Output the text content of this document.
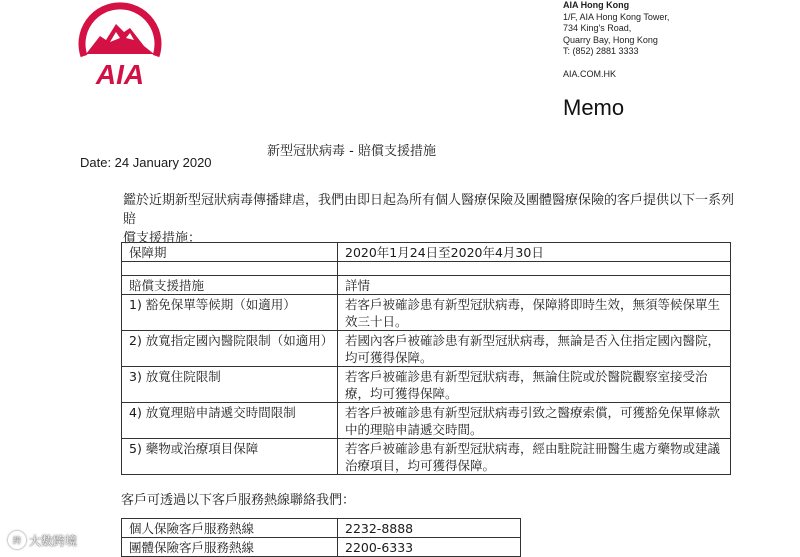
AIA
AIA Hong Kong
1/F, AIA Hong Kong Tower,
734 King's Road,
Quarry Bay, Hong Kong
T: (852) 2881 3333
AIA.COM.HK
Memo
新型冠狀病毒 - 賠償支援措施
Date: 24 January 2020
鑑於近期新型冠狀病毒傳播肆虐，我們由即日起為所有個人醫療保險及團體醫療保險的客戶提供以下一系列賠
償支援措施：
保障期	2020年1月24日至2020年4月30日

賠償支援措施	詳情
1) 豁免保單等候期（如適用）	若客戶被確診患有新型冠狀病毒，保障將即時生效，無須等候保單生效三十日。
2) 放寬指定國內醫院限制（如適用）	若國內客戶被確診患有新型冠狀病毒，無論是否入住指定國內醫院，均可獲得保障。
3) 放寬住院限制	若客戶被確診患有新型冠狀病毒，無論住院或於醫院觀察室接受治療，均可獲得保障。
4) 放寬理賠申請遞交時間限制	若客戶被確診患有新型冠狀病毒引致之醫療索償，可獲豁免保單條款中的理賠申請遞交時間。
5) 藥物或治療項目保障	若客戶被確診患有新型冠狀病毒，經由駐院註冊醫生處方藥物或建議治療項目，均可獲得保障。
客戶可透過以下客戶服務熱線聯絡我們：
個人保險客戶服務熱線	2232-8888
團體保險客戶服務熱線	2200-6333
跨 大数跨境
